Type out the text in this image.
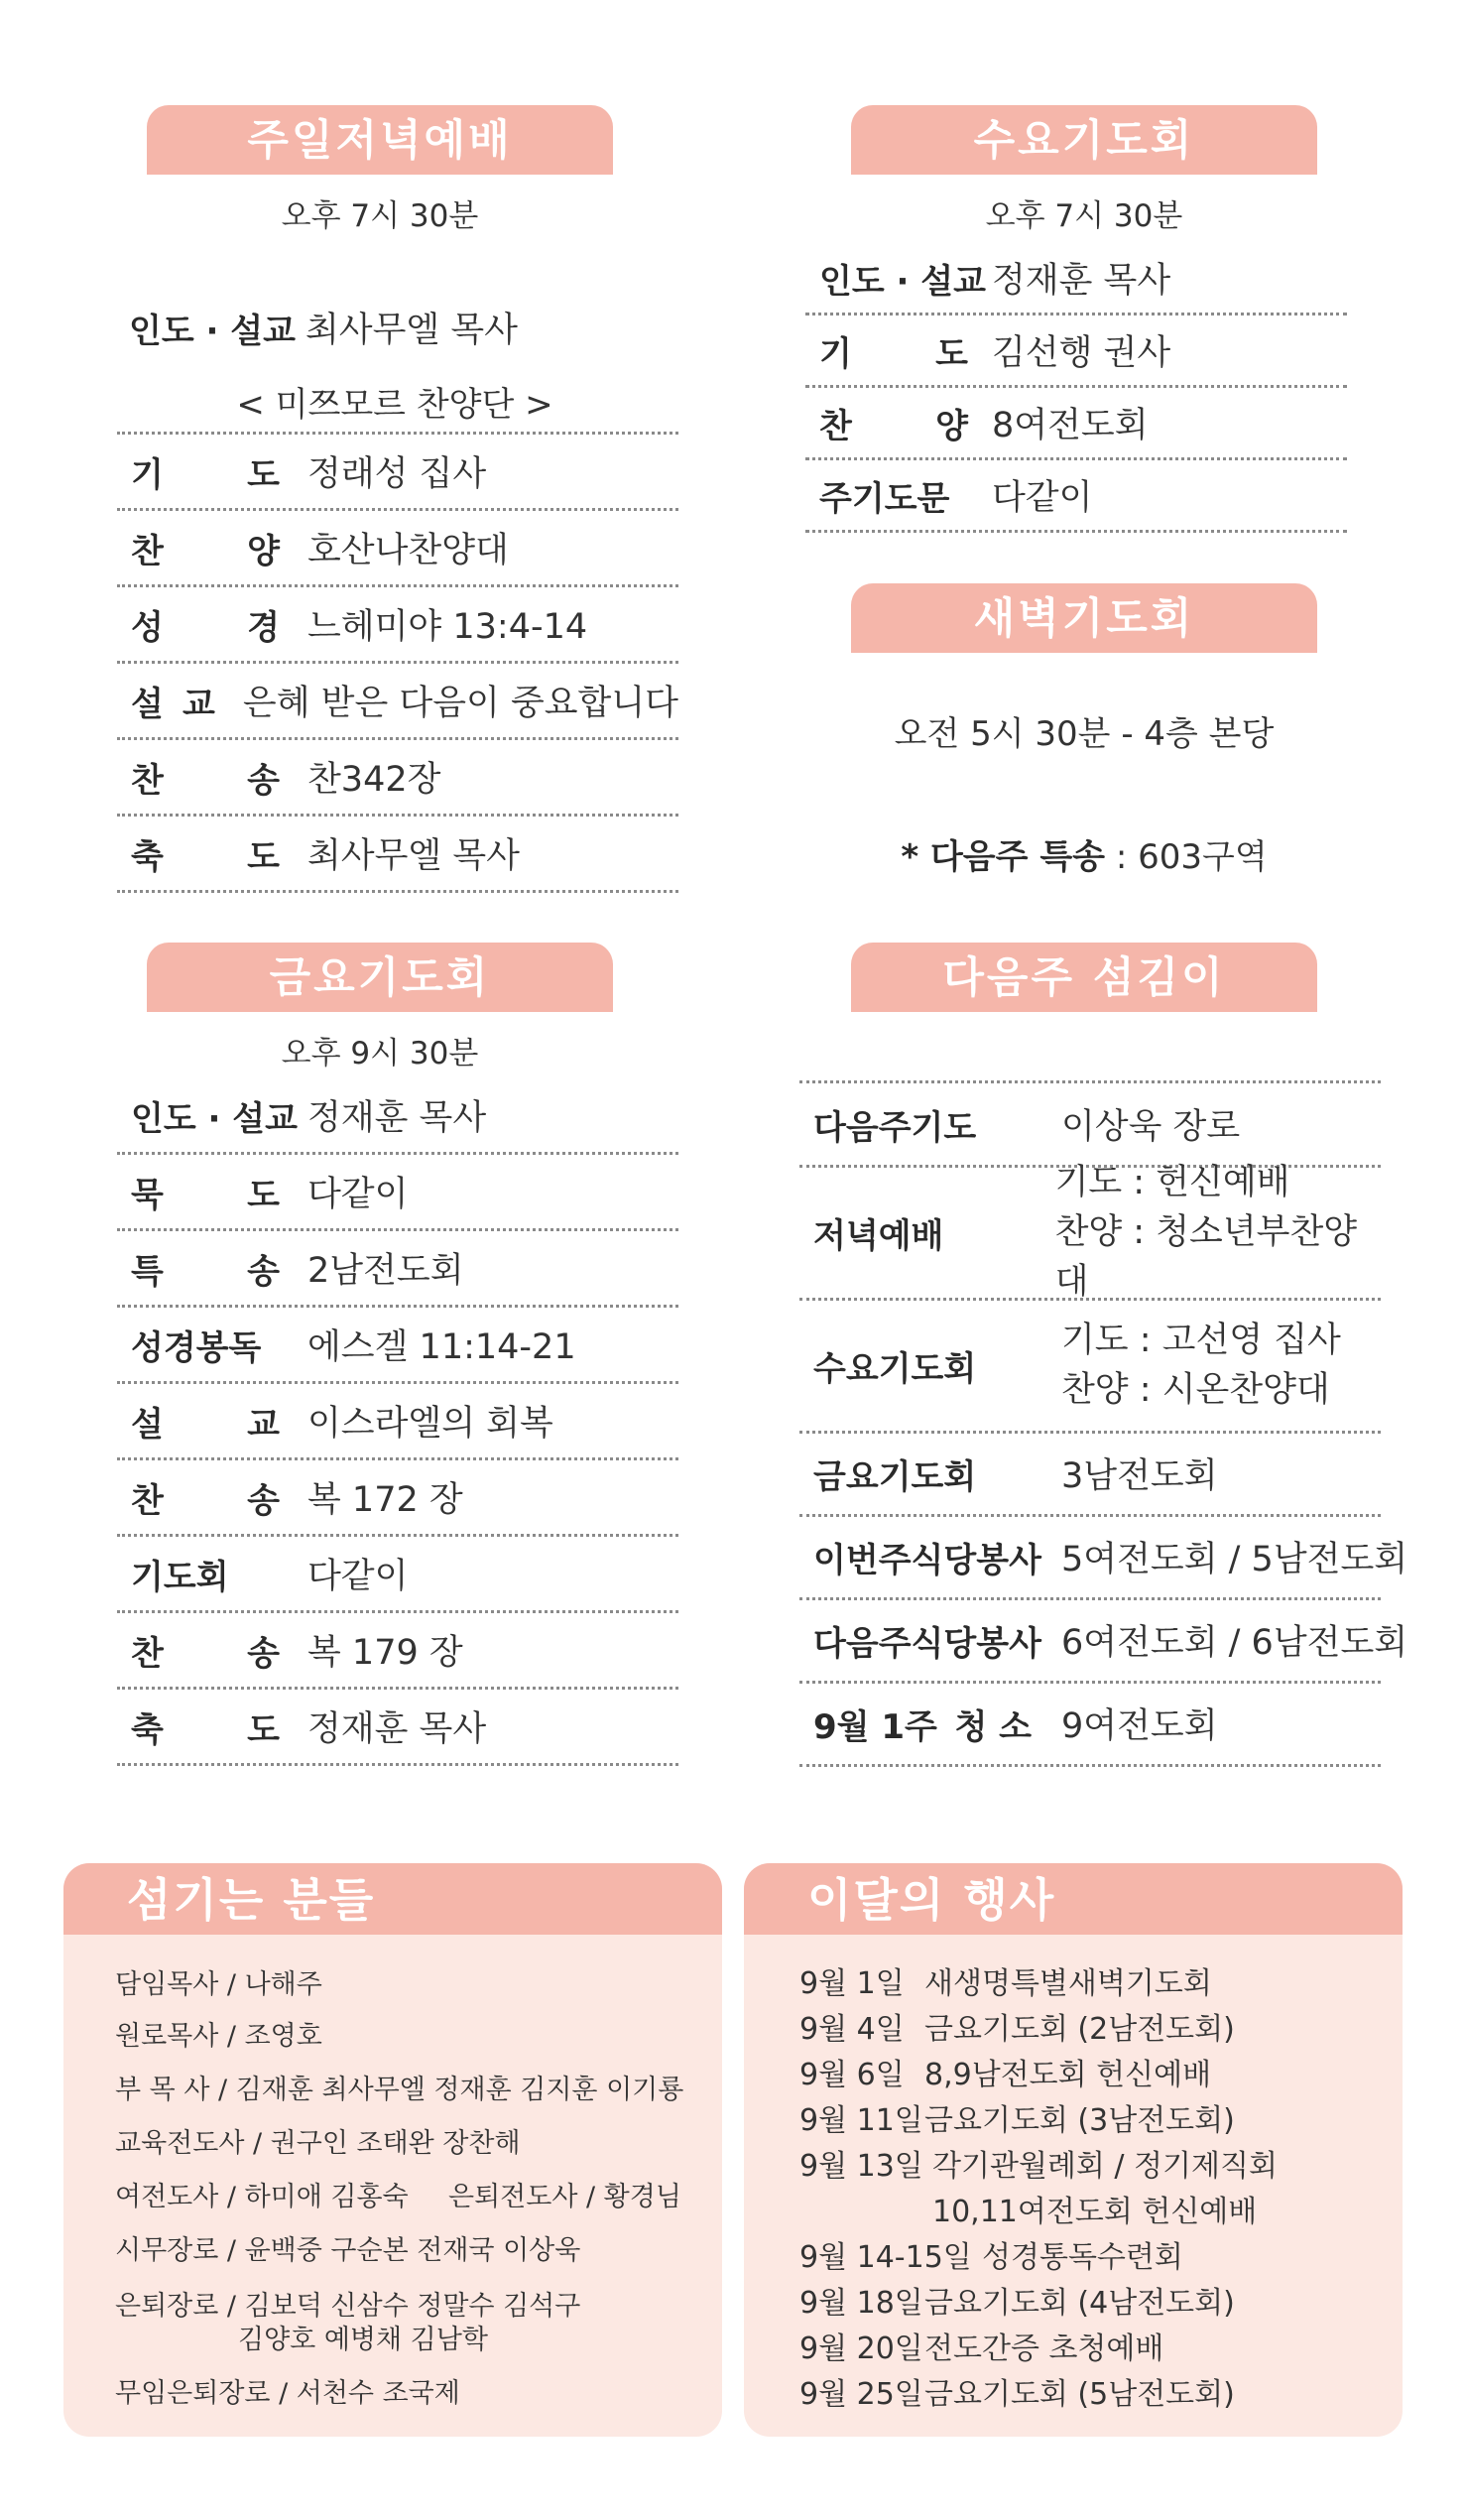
주일저녁예배
오후 7시 30분
인도 · 설교 최사무엘 목사
< 미쯔모르 찬양단 >
기 도 정래성 집사
찬 양 호산나찬양대
성 경 느헤미야 13:4-14
설 교 은혜 받은 다음이 중요합니다
찬 송 찬342장
축 도 최사무엘 목사
금요기도회
오후 9시 30분
인도 · 설교 정재훈 목사
묵 도 다같이
특 송 2남전도회
성경봉독 에스겔 11:14-21
설 교 이스라엘의 회복
찬 송 복 172 장
기도회 다같이
찬 송 복 179 장
축 도 정재훈 목사
수요기도회
오후 7시 30분
인도 · 설교 정재훈 목사
기 도 김선행 권사
찬 양 8여전도회
주기도문 다같이
새벽기도회
오전 5시 30분 - 4층 본당
* 다음주 특송 : 603구역
다음주 섬김이
다음주기도 이상욱 장로
저녁예배
기도 : 헌신예배
찬양 : 청소년부찬양대
수요기도회
기도 : 고선영 집사
찬양 : 시온찬양대
금요기도회 3남전도회
이번주식당봉사 5여전도회 / 5남전도회
다음주식당봉사 6여전도회 / 6남전도회
9월 1주 청 소 9여전도회
섬기는 분들
담임목사 / 나해주
원로목사 / 조영호
부 목 사 / 김재훈 최사무엘 정재훈 김지훈 이기룡
교육전도사 / 권구인 조태완 장찬해
여전도사 / 하미애 김홍숙 은퇴전도사 / 황경님
시무장로 / 윤백중 구순본 전재국 이상욱
은퇴장로 / 김보덕 신삼수 정말수 김석구
김양호 예병채 김남학
무임은퇴장로 / 서천수 조국제
이달의 행사
9월 1일 새생명특별새벽기도회
9월 4일 금요기도회 (2남전도회)
9월 6일 8,9남전도회 헌신예배
9월 11일 금요기도회 (3남전도회)
9월 13일 각기관월례회 / 정기제직회
10,11여전도회 헌신예배
9월 14-15일 성경통독수련회
9월 18일 금요기도회 (4남전도회)
9월 20일 전도간증 초청예배
9월 25일 금요기도회 (5남전도회)
